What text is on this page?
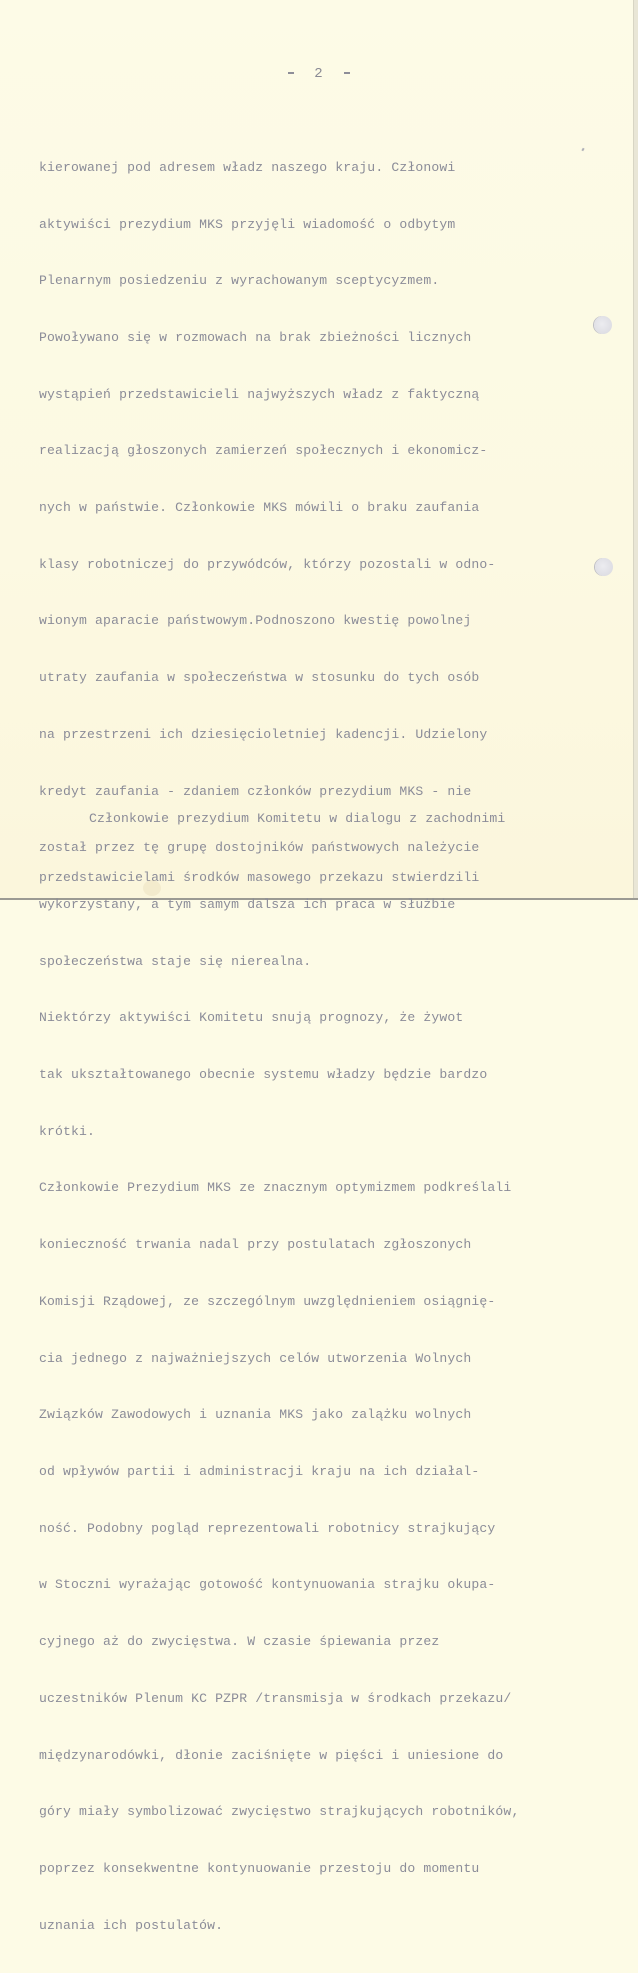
2

kierowanej pod adresem władz naszego kraju. Członowi

aktywiści prezydium MKS przyjęli wiadomość o odbytym

Plenarnym posiedzeniu z wyrachowanym sceptycyzmem.

Powoływano się w rozmowach na brak zbieżności licznych

wystąpień przedstawicieli najwyższych władz z faktyczną

realizacją głoszonych zamierzeń społecznych i ekonomicz-

nych w państwie. Członkowie MKS mówili o braku zaufania

klasy robotniczej do przywódców, którzy pozostali w odno-

wionym aparacie państwowym.Podnoszono kwestię powolnej

utraty zaufania w społeczeństwa w stosunku do tych osób

na przestrzeni ich dziesięcioletniej kadencji. Udzielony

kredyt zaufania - zdaniem członków prezydium MKS - nie

został przez tę grupę dostojników państwowych należycie

wykorzystany, a tym samym dalsza ich praca w służbie

społeczeństwa staje się nierealna.

Niektórzy aktywiści Komitetu snują prognozy, że żywot

tak ukształtowanego obecnie systemu władzy będzie bardzo

krótki.

Członkowie Prezydium MKS ze znacznym optymizmem podkreślali

konieczność trwania nadal przy postulatach zgłoszonych

Komisji Rządowej, ze szczególnym uwzględnieniem osiągnię-

cia jednego z najważniejszych celów utworzenia Wolnych

Związków Zawodowych i uznania MKS jako zalążku wolnych

od wpływów partii i administracji kraju na ich działal-

ność. Podobny pogląd reprezentowali robotnicy strajkujący

w Stoczni wyrażając gotowość kontynuowania strajku okupa-

cyjnego aż do zwycięstwa. W czasie śpiewania przez

uczestników Plenum KC PZPR /transmisja w środkach przekazu/

międzynarodówki, dłonie zaciśnięte w pięści i uniesione do

góry miały symbolizować zwycięstwo strajkujących robotników,

poprzez konsekwentne kontynuowanie przestoju do momentu

uznania ich postulatów.

Członkowie prezydium Komitetu w dialogu z zachodnimi

przedstawicielami środków masowego przekazu stwierdzili
